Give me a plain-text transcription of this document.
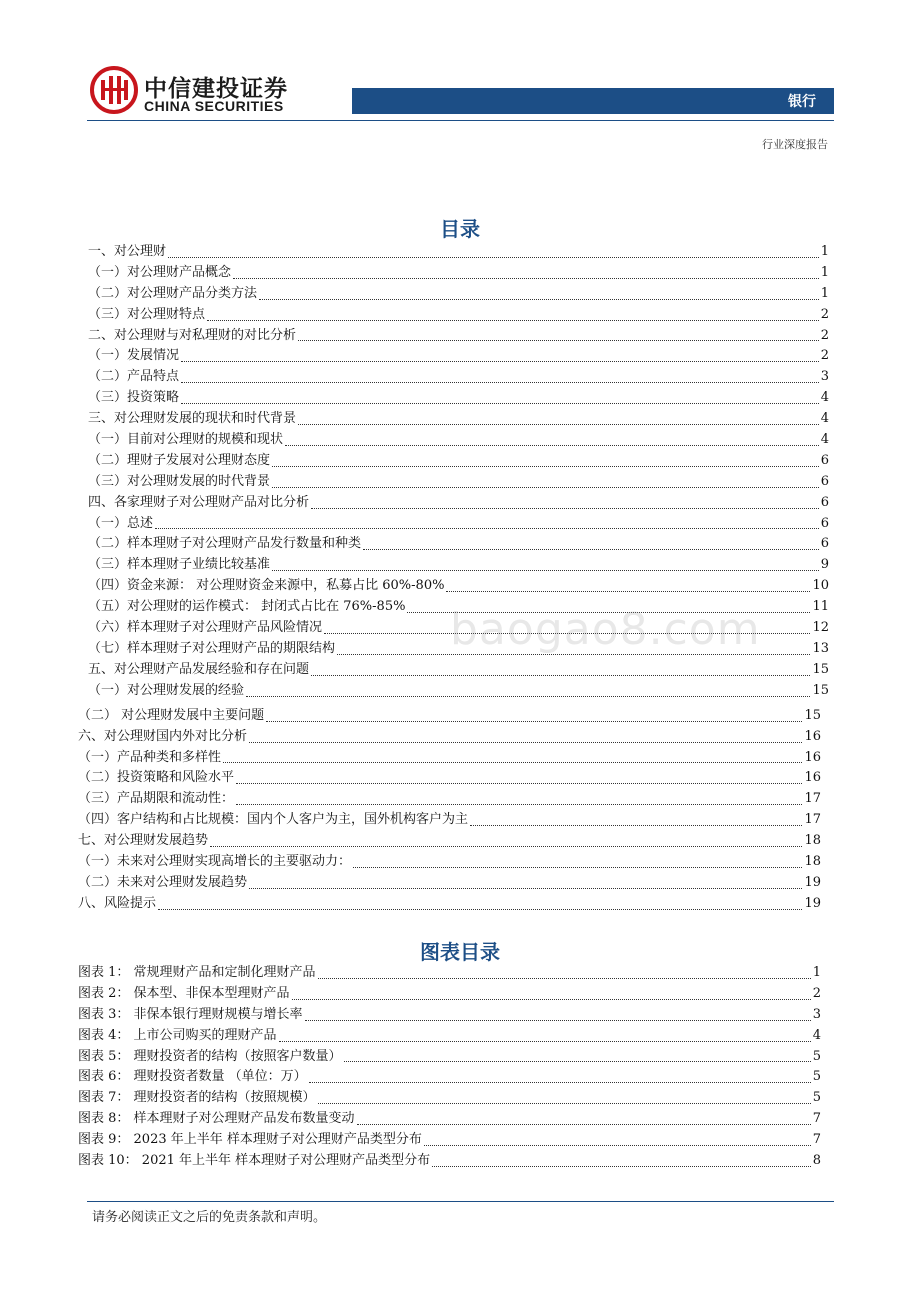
中信建投证券
CHINA SECURITIES	银行
行业深度报告
目录
一、对公理财	1
（一）对公理财产品概念	1
（二）对公理财产品分类方法	1
（三）对公理财特点	2
二、对公理财与对私理财的对比分析	2
（一）发展情况	2
（二）产品特点	3
（三）投资策略	4
三、对公理财发展的现状和时代背景	4
（一）目前对公理财的规模和现状	4
（二）理财子发展对公理财态度	6
（三）对公理财发展的时代背景	6
四、各家理财子对公理财产品对比分析	6
（一）总述	6
（二）样本理财子对公理财产品发行数量和种类	6
（三）样本理财子业绩比较基准	9
（四）资金来源： 对公理财资金来源中，私募占比 60%-80%	10
（五）对公理财的运作模式： 封闭式占比在 76%-85%	11
（六）样本理财子对公理财产品风险情况	12
（七）样本理财子对公理财产品的期限结构	13
五、对公理财产品发展经验和存在问题	15
（一）对公理财发展的经验	15
（二） 对公理财发展中主要问题	15
六、对公理财国内外对比分析	16
（一）产品种类和多样性	16
（二）投资策略和风险水平	16
（三）产品期限和流动性：	17
（四）客户结构和占比规模：国内个人客户为主，国外机构客户为主	17
七、对公理财发展趋势	18
（一）未来对公理财实现高增长的主要驱动力：	18
（二）未来对公理财发展趋势	19
八、风险提示	19
baogao8.com
图表目录
图表 1： 常规理财产品和定制化理财产品	1
图表 2： 保本型、非保本型理财产品	2
图表 3： 非保本银行理财规模与增长率	3
图表 4： 上市公司购买的理财产品	4
图表 5： 理财投资者的结构（按照客户数量）	5
图表 6： 理财投资者数量 （单位：万）	5
图表 7： 理财投资者的结构（按照规模）	5
图表 8： 样本理财子对公理财产品发布数量变动	7
图表 9： 2023 年上半年 样本理财子对公理财产品类型分布	7
图表 10： 2021 年上半年 样本理财子对公理财产品类型分布	8
请务必阅读正文之后的免责条款和声明。
